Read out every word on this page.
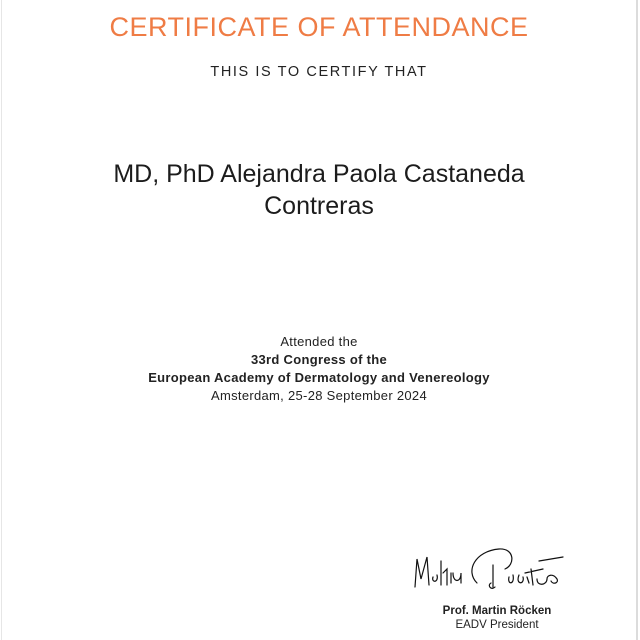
CERTIFICATE OF ATTENDANCE
THIS IS TO CERTIFY THAT
MD, PhD Alejandra Paola Castaneda
Contreras
Attended the
33rd Congress of the
European Academy of Dermatology and Venereology
Amsterdam, 25-28 September 2024
Prof. Martin Röcken
EADV President
